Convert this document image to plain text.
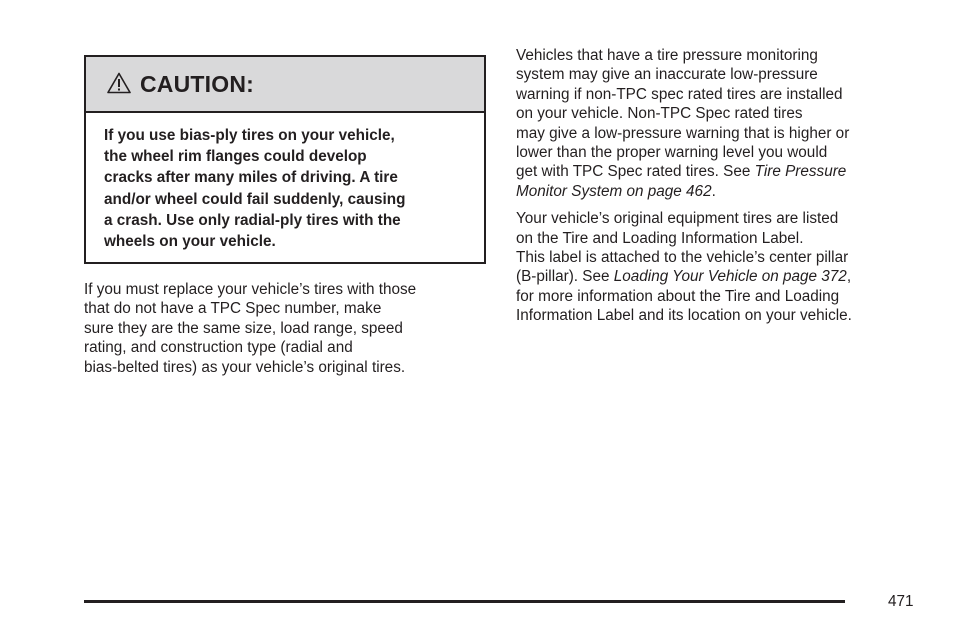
CAUTION:
If you use bias-ply tires on your vehicle,
the wheel rim flanges could develop
cracks after many miles of driving. A tire
and/or wheel could fail suddenly, causing
a crash. Use only radial-ply tires with the
wheels on your vehicle.
If you must replace your vehicle’s tires with those
that do not have a TPC Spec number, make
sure they are the same size, load range, speed
rating, and construction type (radial and
bias-belted tires) as your vehicle’s original tires.

Vehicles that have a tire pressure monitoring
system may give an inaccurate low-pressure
warning if non-TPC spec rated tires are installed
on your vehicle. Non-TPC Spec rated tires
may give a low-pressure warning that is higher or
lower than the proper warning level you would
get with TPC Spec rated tires. See Tire Pressure
Monitor System on page 462.

Your vehicle’s original equipment tires are listed
on the Tire and Loading Information Label.
This label is attached to the vehicle’s center pillar
(B-pillar). See Loading Your Vehicle on page 372,
for more information about the Tire and Loading
Information Label and its location on your vehicle.

471
